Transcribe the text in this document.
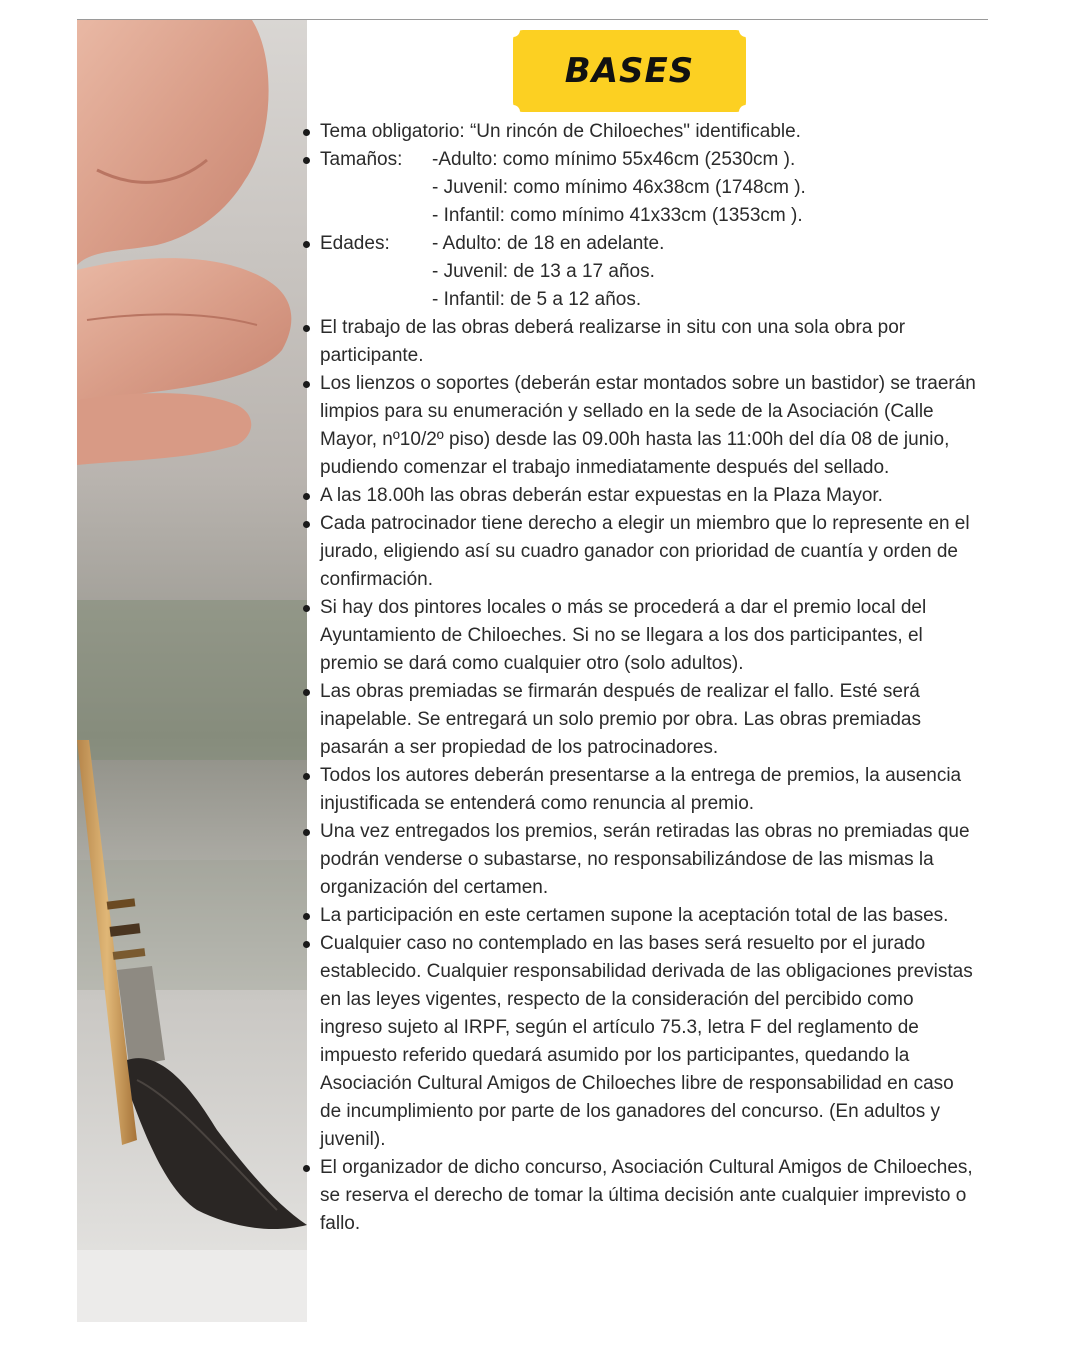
BASES
Tema obligatorio: “Un rincón de Chiloeches" identificable.
Tamaños:	-Adulto: como mínimo 55x46cm (2530cm ).
- Juvenil: como mínimo 46x38cm (1748cm ).
- Infantil: como mínimo 41x33cm (1353cm ).
Edades:	- Adulto: de 18 en adelante.
- Juvenil: de 13 a 17 años.
- Infantil: de 5 a 12 años.
El trabajo de las obras deberá realizarse in situ con una sola obra por participante.
Los lienzos o soportes (deberán estar montados sobre un bastidor) se traerán limpios para su enumeración y sellado en la sede de la Asociación (Calle Mayor, nº10/2º piso) desde las 09.00h hasta las 11:00h del día 08 de junio, pudiendo comenzar el trabajo inmediatamente después del sellado.
A las 18.00h las obras deberán estar expuestas en la Plaza Mayor.
Cada patrocinador tiene derecho a elegir un miembro que lo represente en el jurado, eligiendo así su cuadro ganador con prioridad de cuantía y orden de confirmación.
Si hay dos pintores locales o más se procederá a dar el premio local del Ayuntamiento de Chiloeches. Si no se llegara a los dos participantes, el premio se dará como cualquier otro (solo adultos).
Las obras premiadas se firmarán después de realizar el fallo. Esté será inapelable. Se entregará un solo premio por obra. Las obras premiadas pasarán a ser propiedad de los patrocinadores.
Todos los autores deberán presentarse a la entrega de premios, la ausencia injustificada se entenderá como renuncia al premio.
Una vez entregados los premios, serán retiradas las obras no premiadas que podrán venderse o subastarse, no responsabilizándose de las mismas la organización del certamen.
La participación en este certamen supone la aceptación total de las bases.
Cualquier caso no contemplado en las bases será resuelto por el jurado establecido. Cualquier responsabilidad derivada de las obligaciones previstas en las leyes vigentes, respecto de la consideración del percibido como ingreso sujeto al IRPF, según el artículo 75.3, letra F del reglamento de impuesto referido quedará asumido por los participantes, quedando la Asociación Cultural Amigos de Chiloeches libre de responsabilidad en caso de incumplimiento por parte de los ganadores del concurso. (En adultos y juvenil).
El organizador de dicho concurso, Asociación Cultural Amigos de Chiloeches, se reserva el derecho de tomar la última decisión ante cualquier imprevisto o fallo.
